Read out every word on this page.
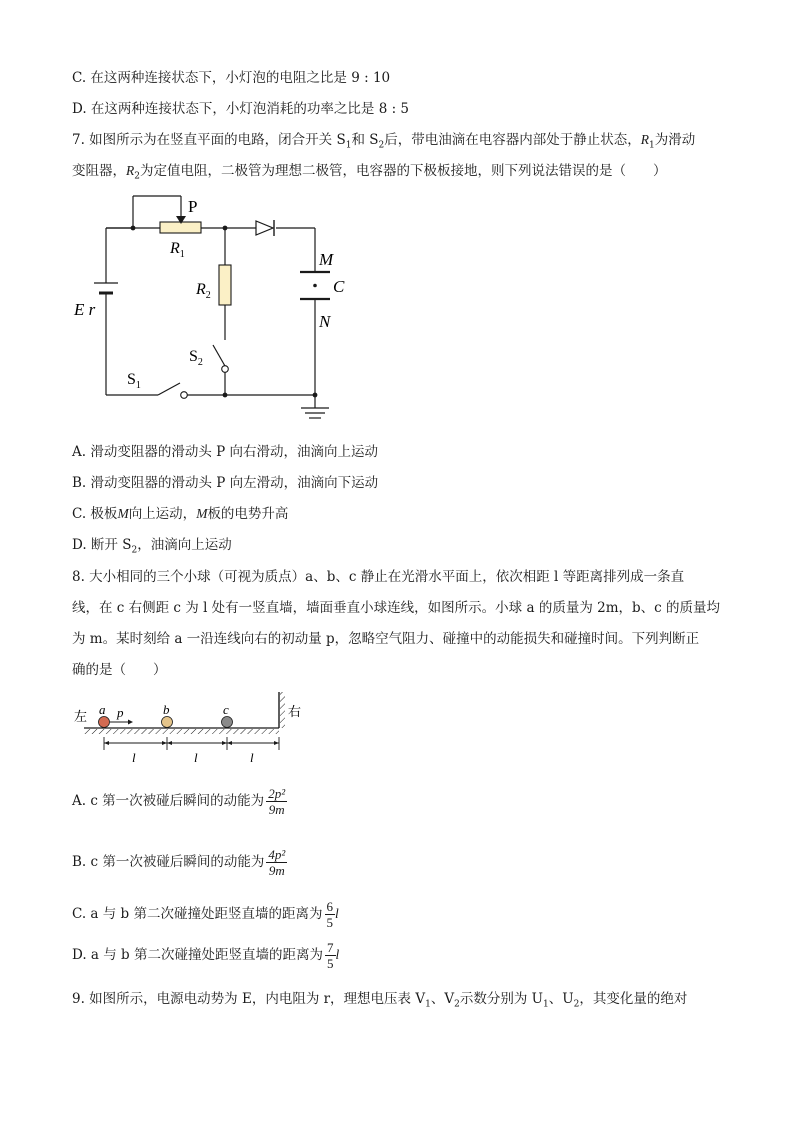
C. 在这两种连接状态下，小灯泡的电阻之比是 9 : 10
D. 在这两种连接状态下，小灯泡消耗的功率之比是 8 : 5
7. 如图所示为在竖直平面的电路，闭合开关 $S_1$和 $S_2$后，带电油滴在电容器内部处于静止状态，$R_1$为滑动
变阻器，$R_2$为定值电阻，二极管为理想二极管，电容器的下极板接地，则下列说法错误的是（　　）
P
$R_1$
$R_2$
E r
M
C
N
$S_2$
$S_1$
A. 滑动变阻器的滑动头 P 向右滑动，油滴向上运动
B. 滑动变阻器的滑动头 P 向左滑动，油滴向下运动
C. 极板M向上运动，M板的电势升高
D. 断开 $S_2$，油滴向上运动
8. 大小相同的三个小球（可视为质点）a、b、c 静止在光滑水平面上，依次相距 l 等距离排列成一条直
线，在 c 右侧距 c 为 l 处有一竖直墙，墙面垂直小球连线，如图所示。小球 a 的质量为 2m，b、c 的质量均
为 m。某时刻给 a 一沿连线向右的初动量 p，忽略空气阻力、碰撞中的动能损失和碰撞时间。下列判断正
确的是（　　）
左	右
a p	b	c
l	l	l
A. c 第一次被碰后瞬间的动能为 $\frac{\text{2p²}}{9m}$
B. c 第一次被碰后瞬间的动能为 $\frac{\text{4p²}}{9m}$
C. a 与 b 第二次碰撞处距竖直墙的距离为 $\frac{6}{5}$ l
D. a 与 b 第二次碰撞处距竖直墙的距离为 $\frac{7}{5}$ l
9. 如图所示，电源电动势为 E，内电阻为 r，理想电压表 $V_1$、$V_2$示数分别为 $U_1$、$U_2$，其变化量的绝对
